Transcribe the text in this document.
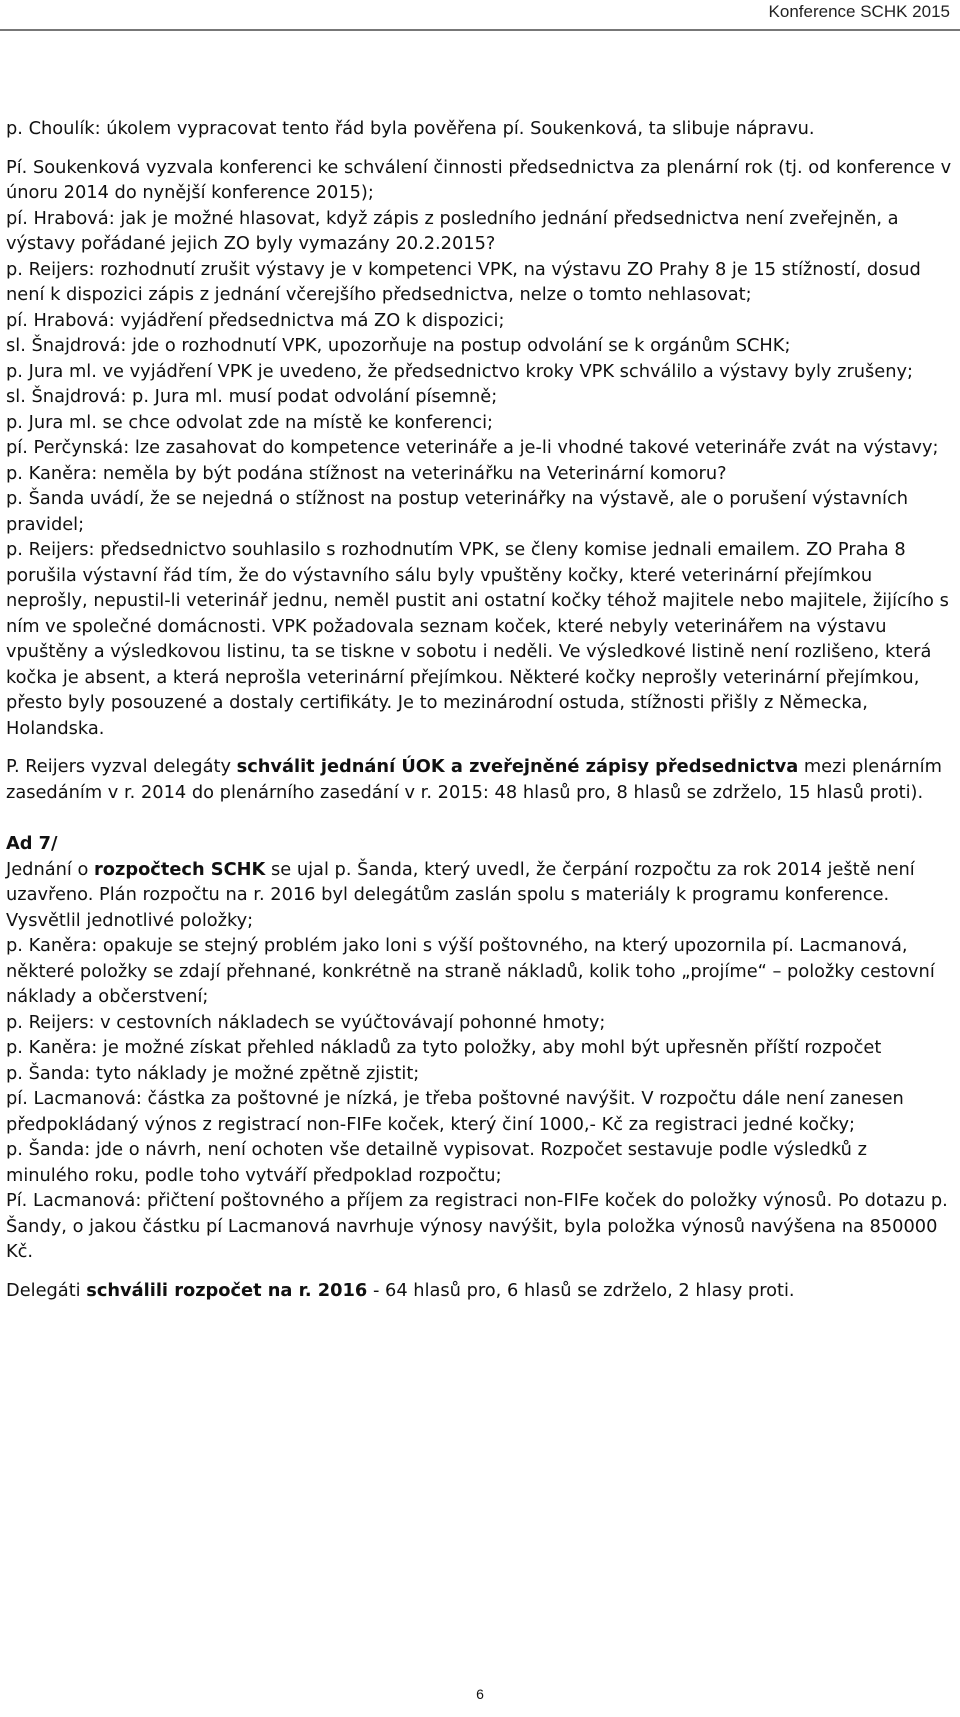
Konference SCHK 2015

p. Choulík: úkolem vypracovat tento řád byla pověřena pí. Soukenková, ta slibuje nápravu.

Pí. Soukenková vyzvala konferenci ke schválení činnosti předsednictva za plenární rok (tj. od konference v únoru 2014 do nynější konference 2015);

pí. Hrabová: jak je možné hlasovat, když zápis z posledního jednání předsednictva není zveřejněn, a výstavy pořádané jejich ZO byly vymazány 20.2.2015?

p. Reijers: rozhodnutí zrušit výstavy je v kompetenci VPK, na výstavu ZO Prahy 8 je 15 stížností, dosud není k dispozici zápis z jednání včerejšího předsednictva, nelze o tomto nehlasovat;

pí. Hrabová: vyjádření předsednictva má ZO k dispozici;

sl. Šnajdrová: jde o rozhodnutí VPK, upozorňuje na postup odvolání se k orgánům SCHK;

p. Jura ml. ve vyjádření VPK je uvedeno, že předsednictvo kroky VPK schválilo a výstavy byly zrušeny;

sl. Šnajdrová: p. Jura ml. musí podat odvolání písemně;

p. Jura ml. se chce odvolat zde na místě ke konferenci;

pí. Perčynská: lze zasahovat do kompetence veterináře a je-li vhodné takové veterináře zvát na výstavy;

p. Kaněra: neměla by být podána stížnost na veterinářku na Veterinární komoru?

p. Šanda uvádí, že se nejedná o stížnost na postup veterinářky na výstavě, ale o porušení výstavních pravidel;

p. Reijers: předsednictvo souhlasilo s rozhodnutím VPK, se členy komise jednali emailem. ZO Praha 8 porušila výstavní řád tím, že do výstavního sálu byly vpuštěny kočky, které veterinární přejímkou neprošly, nepustil-li veterinář jednu, neměl pustit ani ostatní kočky téhož majitele nebo majitele, žijícího s ním ve společné domácnosti. VPK požadovala seznam koček, které nebyly veterinářem na výstavu vpuštěny a výsledkovou listinu, ta se tiskne v sobotu i neděli. Ve výsledkové listině není rozlišeno, která kočka je absent, a která neprošla veterinární přejímkou. Některé kočky neprošly veterinární přejímkou, přesto byly posouzené a dostaly certifikáty. Je to mezinárodní ostuda, stížnosti přišly z Německa, Holandska.

P. Reijers vyzval delegáty schválit jednání ÚOK a zveřejněné zápisy předsednictva mezi plenárním zasedáním v r. 2014 do plenárního zasedání v r. 2015: 48 hlasů pro, 8 hlasů se zdrželo, 15 hlasů proti).

Ad 7/

Jednání o rozpočtech SCHK se ujal p. Šanda, který uvedl, že čerpání rozpočtu za rok 2014 ještě není uzavřeno. Plán rozpočtu na r. 2016 byl delegátům zaslán spolu s materiály k programu konference. Vysvětlil jednotlivé položky;

p. Kaněra: opakuje se stejný problém jako loni s výší poštovného, na který upozornila pí. Lacmanová, některé položky se zdají přehnané, konkrétně na straně nákladů, kolik toho „projíme“ – položky cestovní náklady a občerstvení;

p. Reijers: v cestovních nákladech se vyúčtovávají pohonné hmoty;

p. Kaněra: je možné získat přehled nákladů za tyto položky, aby mohl být upřesněn příští rozpočet

p. Šanda: tyto náklady je možné zpětně zjistit;

pí. Lacmanová: částka za poštovné je nízká, je třeba poštovné navýšit. V rozpočtu dále není zanesen předpokládaný výnos z registrací non-FIFe koček, který činí 1000,- Kč za registraci jedné kočky;

p. Šanda: jde o návrh, není ochoten vše detailně vypisovat. Rozpočet sestavuje podle výsledků z minulého roku, podle toho vytváří předpoklad rozpočtu;

Pí. Lacmanová: přičtení poštovného a příjem za registraci non-FIFe koček do položky výnosů. Po dotazu p. Šandy, o jakou částku pí Lacmanová navrhuje výnosy navýšit, byla položka výnosů navýšena na 850000 Kč.

Delegáti schválili rozpočet na r. 2016 - 64 hlasů pro, 6 hlasů se zdrželo, 2 hlasy proti.

6
